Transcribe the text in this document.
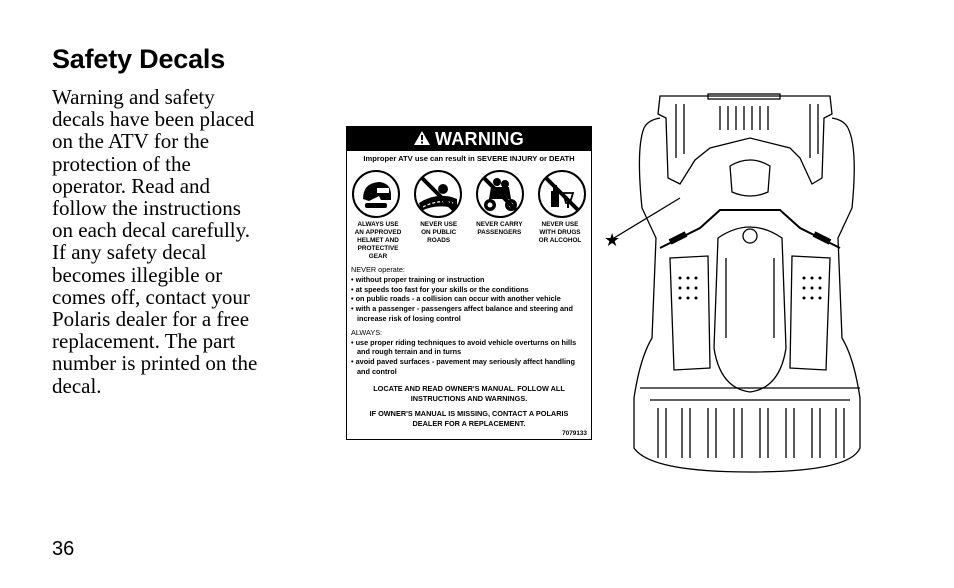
Safety Decals
Warning and safety decals have been placed on the ATV for the protection of the operator. Read and follow the instructions on each decal carefully. If any safety decal becomes illegible or comes off, contact your Polaris dealer for a free replacement. The part number is printed on the decal.
WARNING
Improper ATV use can result in SEVERE INJURY or DEATH
ALWAYS USE
AN APPROVED
HELMET AND
PROTECTIVE
GEAR
NEVER USE
ON PUBLIC
ROADS
NEVER CARRY
PASSENGERS
NEVER USE
WITH DRUGS
OR ALCOHOL
NEVER operate:
• without proper training or instruction
• at speeds too fast for your skills or the conditions
• on public roads - a collision can occur with another vehicle
• with a passenger - passengers affect balance and steering and increase risk of losing control
ALWAYS:
• use proper riding techniques to avoid vehicle overturns on hills and rough terrain and in turns
• avoid paved surfaces - pavement may seriously affect handling and control
LOCATE AND READ OWNER'S MANUAL. FOLLOW ALL INSTRUCTIONS AND WARNINGS.
IF OWNER'S MANUAL IS MISSING, CONTACT A POLARIS DEALER FOR A REPLACEMENT.
7079133
★
36
